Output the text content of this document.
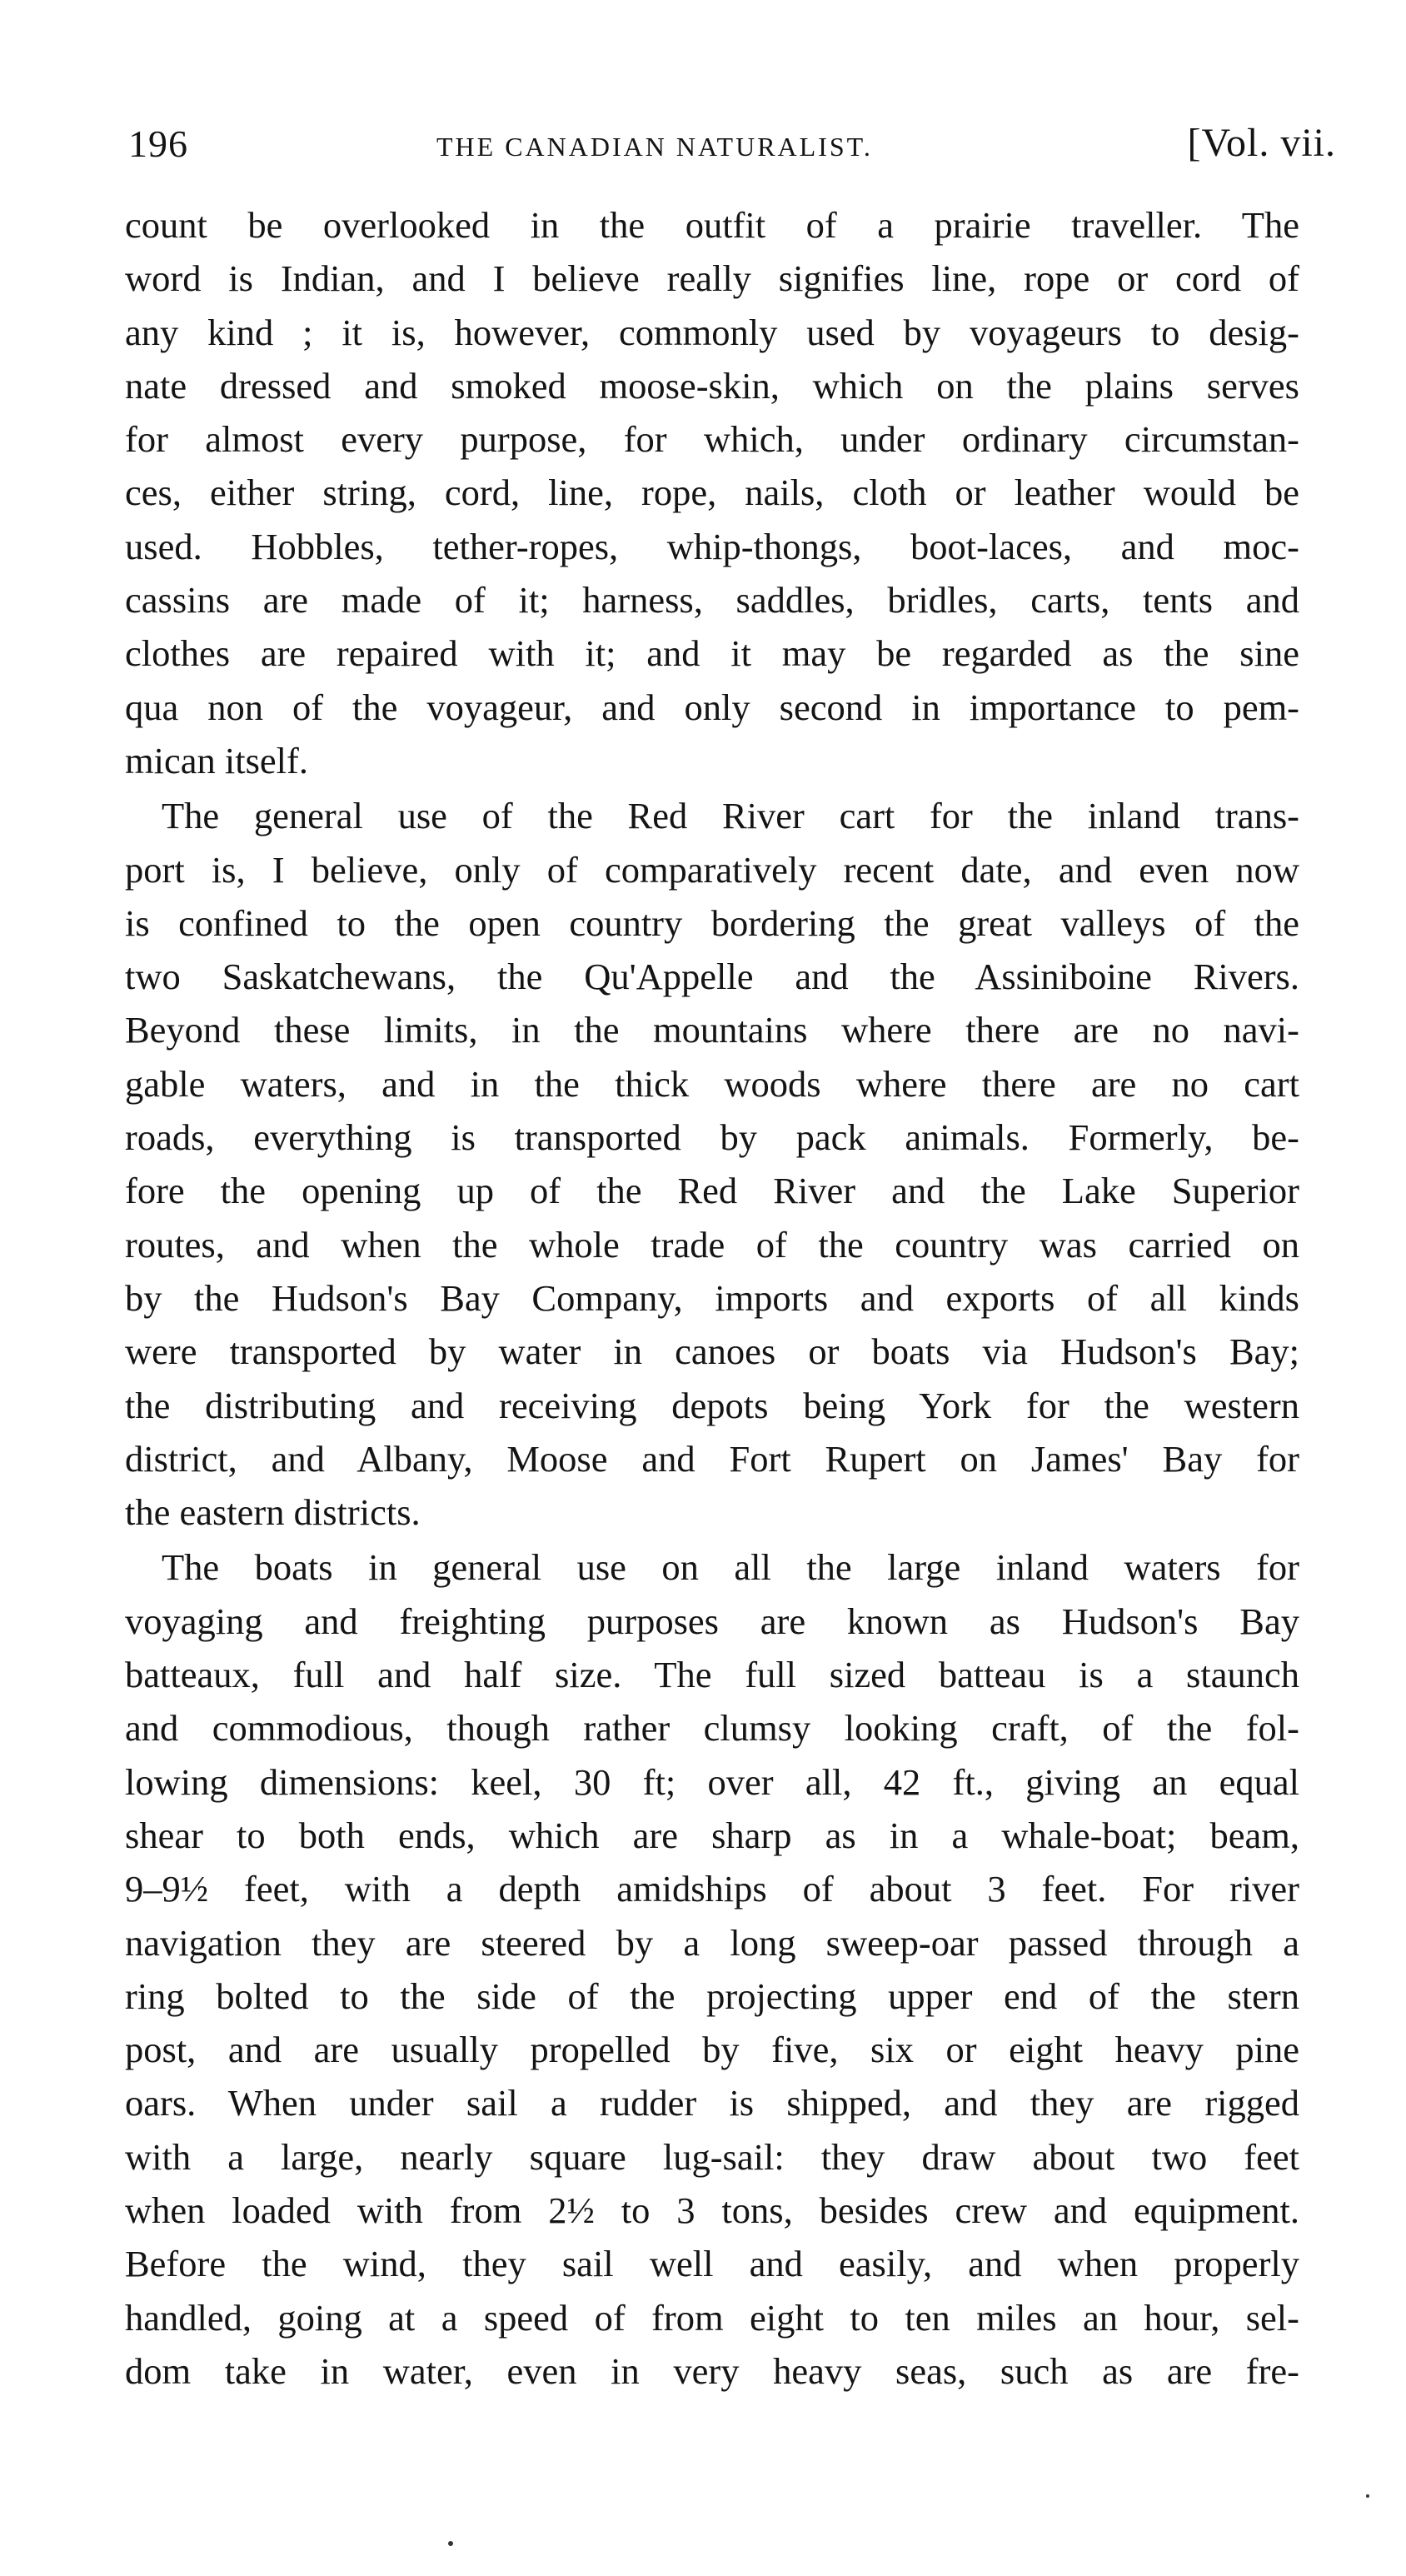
196	THE CANADIAN NATURALIST.	[Vol. vii.

count be overlooked in the outfit of a prairie traveller. The
word is Indian, and I believe really signifies line, rope or cord of
any kind ; it is, however, commonly used by voyageurs to desig-
nate dressed and smoked moose-skin, which on the plains serves
for almost every purpose, for which, under ordinary circumstan-
ces, either string, cord, line, rope, nails, cloth or leather would be
used. Hobbles, tether-ropes, whip-thongs, boot-laces, and moc-
cassins are made of it; harness, saddles, bridles, carts, tents and
clothes are repaired with it; and it may be regarded as the sine
qua non of the voyageur, and only second in importance to pem-
mican itself.

The general use of the Red River cart for the inland trans-
port is, I believe, only of comparatively recent date, and even now
is confined to the open country bordering the great valleys of the
two Saskatchewans, the Qu'Appelle and the Assiniboine Rivers.
Beyond these limits, in the mountains where there are no navi-
gable waters, and in the thick woods where there are no cart
roads, everything is transported by pack animals. Formerly, be-
fore the opening up of the Red River and the Lake Superior
routes, and when the whole trade of the country was carried on
by the Hudson's Bay Company, imports and exports of all kinds
were transported by water in canoes or boats via Hudson's Bay;
the distributing and receiving depots being York for the western
district, and Albany, Moose and Fort Rupert on James' Bay for
the eastern districts.

The boats in general use on all the large inland waters for
voyaging and freighting purposes are known as Hudson's Bay
batteaux, full and half size. The full sized batteau is a staunch
and commodious, though rather clumsy looking craft, of the fol-
lowing dimensions: keel, 30 ft; over all, 42 ft., giving an equal
shear to both ends, which are sharp as in a whale-boat; beam,
9–9½ feet, with a depth amidships of about 3 feet. For river
navigation they are steered by a long sweep-oar passed through a
ring bolted to the side of the projecting upper end of the stern
post, and are usually propelled by five, six or eight heavy pine
oars. When under sail a rudder is shipped, and they are rigged
with a large, nearly square lug-sail: they draw about two feet
when loaded with from 2½ to 3 tons, besides crew and equipment.
Before the wind, they sail well and easily, and when properly
handled, going at a speed of from eight to ten miles an hour, sel-
dom take in water, even in very heavy seas, such as are fre-
